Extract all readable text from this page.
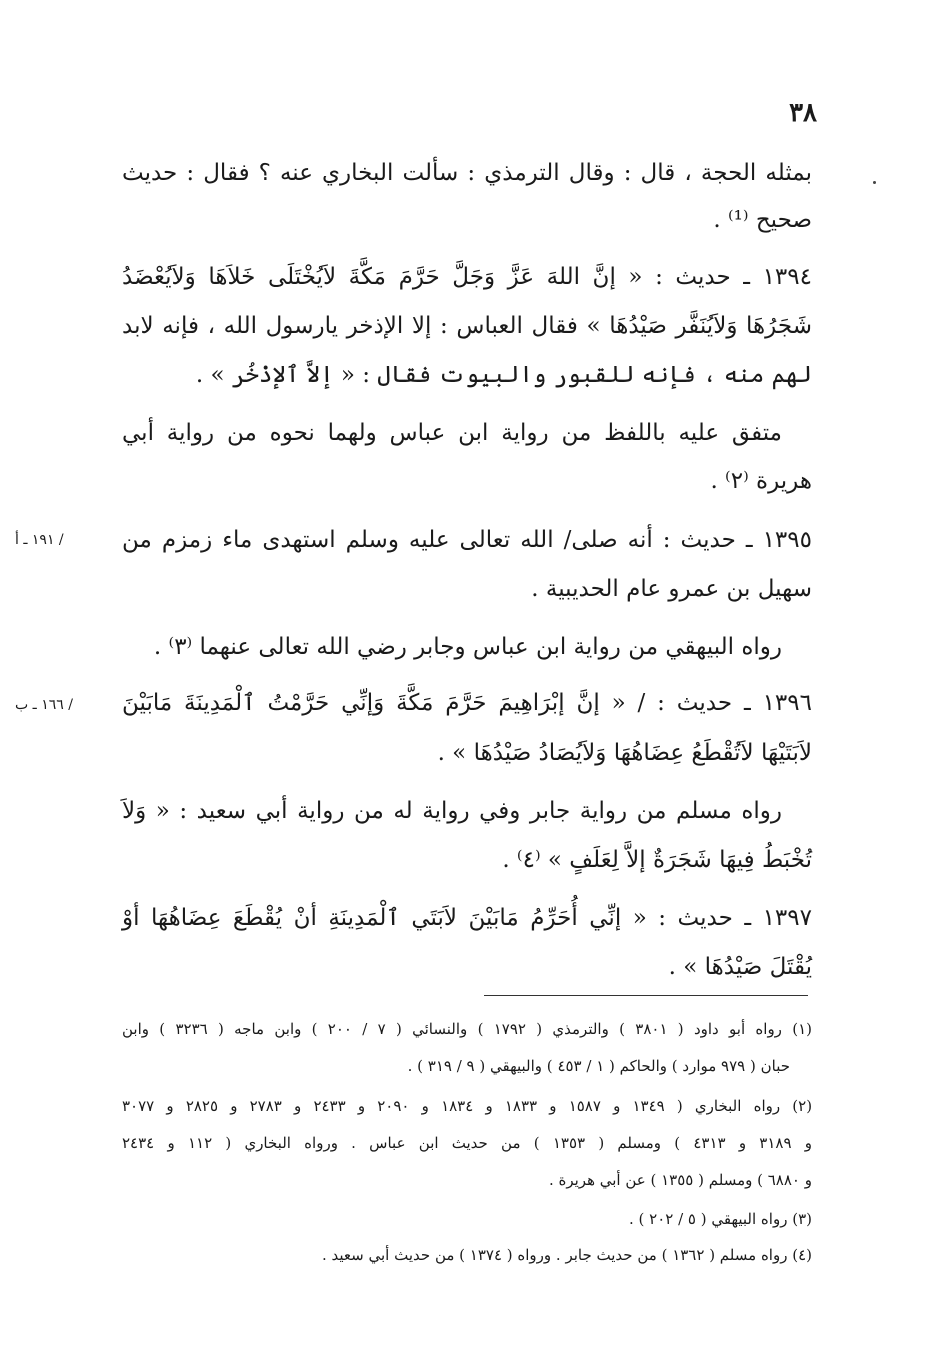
٣٨
بمثله الحجة ، قال : وقال الترمذي : سألت البخاري عنه ؟ فقال : حديث
صحيح ⁽¹⁾ .
١٣٩٤ ـ حديث : « إنَّ اللهَ عَزَّ وَجَلَّ حَرَّمَ مَكَّةَ لاَيُخْتَلَى خَلاَهَا وَلاَيُعْضَدُ
شَجَرُهَا وَلاَيُنَفَّر صَيْدُهَا » فقال العباس : إلا الإذخر يارسول الله ، فإنه لابد
لهم منه ، فإنه للقبور والبيوت فقال : « إلاَّ ٱلإذْخُر » .
متفق عليه باللفظ من رواية ابن عباس ولهما نحوه من رواية أبي
هريرة ⁽٢⁾ .
١٣٩٥ ـ حديث : أنه صلى/ الله تعالى عليه وسلم استهدى ماء زمزم من
سهيل بن عمرو عام الحديبية .
/ ١٩١ ـ أ
رواه البيهقي من رواية ابن عباس وجابر رضي الله تعالى عنهما ⁽٣⁾ .
١٣٩٦ ـ حديث : / « إنَّ إبْرَاهِيمَ حَرَّمَ مَكَّةَ وَإنِّي حَرَّمْتُ ٱلْمَدِينَةَ مَابَيْنَ
لاَبَتَيْهَا لاَتُقْطَعُ عِضَاهُهَا وَلاَيُصَادُ صَيْدُهَا » .
/ ١٦٦ ـ ب
رواه مسلم من رواية جابر وفي رواية له من رواية أبي سعيد : « وَلاَ
تُخْبَطُ فِيهَا شَجَرَةٌ إلاَّ لِعَلَفٍ » ⁽٤⁾ .
١٣٩٧ ـ حديث : « إنِّي أُحَرِّمُ مَابَيْنَ لاَبَتَي ٱلْمَدِينَةِ أنْ يُقْطَعَ عِضَاهُهَا أوْ
يُقْتَلَ صَيْدُهَا » .
(١) رواه أبو داود ( ٣٨٠١ ) والترمذي ( ١٧٩٢ ) والنسائي ( ٧ / ٢٠٠ ) وابن ماجه ( ٣٢٣٦ ) وابن
حبان ( ٩٧٩ موارد ) والحاكم ( ١ / ٤٥٣ ) والبيهقي ( ٩ / ٣١٩ ) .
(٢) رواه البخاري ( ١٣٤٩ و ١٥٨٧ و ١٨٣٣ و ١٨٣٤ و ٢٠٩٠ و ٢٤٣٣ و ٢٧٨٣ و ٢٨٢٥ و ٣٠٧٧
و ٣١٨٩ و ٤٣١٣ ) ومسلم ( ١٣٥٣ ) من حديث ابن عباس . ورواه البخاري ( ١١٢ و ٢٤٣٤
و ٦٨٨٠ ) ومسلم ( ١٣٥٥ ) عن أبي هريرة .
(٣) رواه البيهقي ( ٥ / ٢٠٢ ) .
(٤) رواه مسلم ( ١٣٦٢ ) من حديث جابر . ورواه ( ١٣٧٤ ) من حديث أبي سعيد .
